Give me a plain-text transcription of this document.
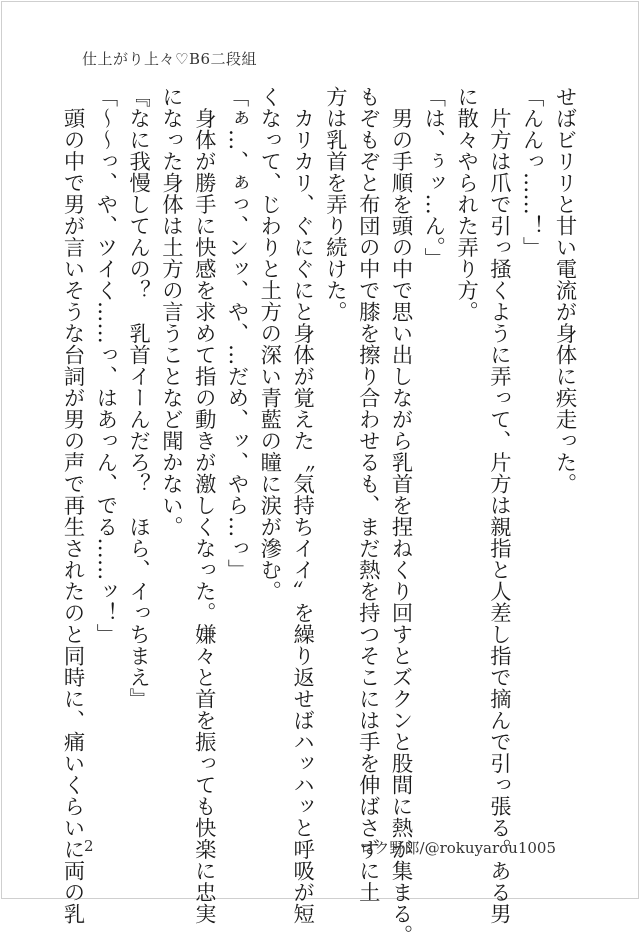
仕上がり上々♡B6二段組
せばビリリと甘い電流が身体に疾走った。
「んんっ……！」
　片方は爪で引っ掻くように弄って、片方は親指と人差し指で摘んで引っ張る。ある男
に散々やられた弄り方。
「は、ぅッ…ん。」
　男の手順を頭の中で思い出しながら乳首を捏ねくり回すとズクンと股間に熱が集まる。
もぞもぞと布団の中で膝を擦り合わせるも、まだ熱を持つそこには手を伸ばさずに土
方は乳首を弄り続けた。
　カリカリ、ぐにぐにと身体が覚えた〝気持ちイイ〟を繰り返せばハッハッと呼吸が短
くなって、じわりと土方の深い青藍の瞳に涙が滲む。
「ぁ…、ぁっ、ンッ、や、…だめ、ッ、やら…っ」
　身体が勝手に快感を求めて指の動きが激しくなった。嫌々と首を振っても快楽に忠実
になった身体は土方の言うことなど聞かない。
『なに我慢してんの？　乳首イーんだろ？　ほら、イっちまえ』
「～～っ、や、ツイく……っ、はあっん、でる……ッ！」
　頭の中で男が言いそうな台詞が男の声で再生されたのと同時に、痛いくらいに両の乳
2	ロク野郎/@rokuyarou1005
